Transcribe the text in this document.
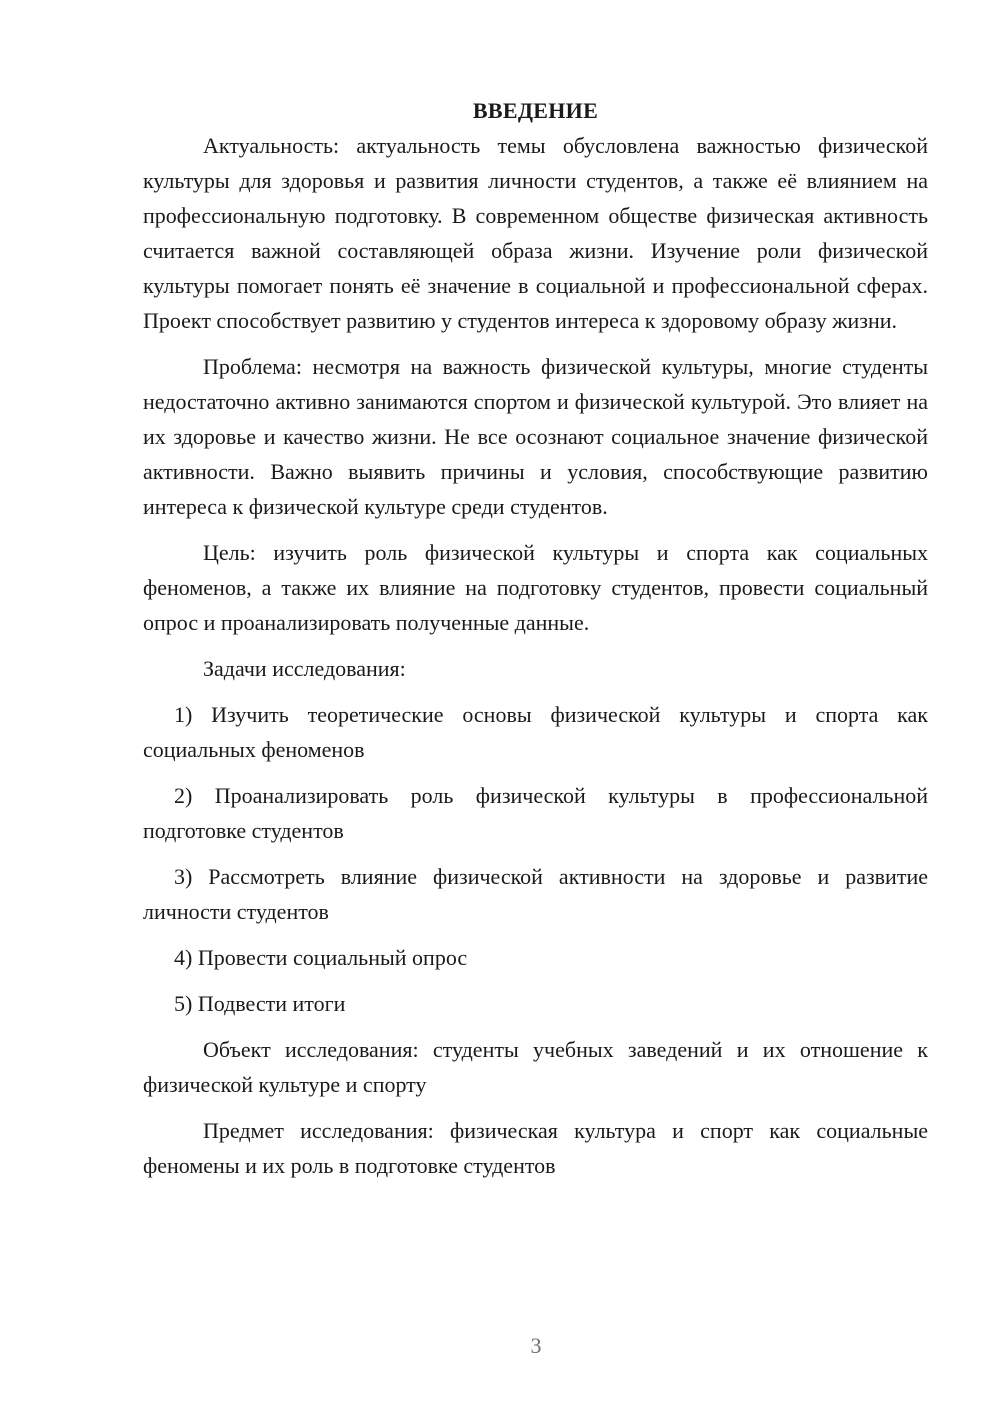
ВВЕДЕНИЕ

Актуальность: актуальность темы обусловлена важностью физической культуры для здоровья и развития личности студентов, а также её влиянием на профессиональную подготовку. В современном обществе физическая активность считается важной составляющей образа жизни. Изучение роли физической культуры помогает понять её значение в социальной и профессиональной сферах. Проект способствует развитию у студентов интереса к здоровому образу жизни.

Проблема: несмотря на важность физической культуры, многие студенты недостаточно активно занимаются спортом и физической культурой. Это влияет на их здоровье и качество жизни. Не все осознают социальное значение физической активности. Важно выявить причины и условия, способствующие развитию интереса к физической культуре среди студентов.

Цель: изучить роль физической культуры и спорта как социальных феноменов, а также их влияние на подготовку студентов, провести социальный опрос и проанализировать полученные данные.

Задачи исследования:

1) Изучить теоретические основы физической культуры и спорта как социальных феноменов

2) Проанализировать роль физической культуры в профессиональной подготовке студентов

3) Рассмотреть влияние физической активности на здоровье и развитие личности студентов

4) Провести социальный опрос

5) Подвести итоги

Объект исследования: студенты учебных заведений и их отношение к физической культуре и спорту

Предмет исследования: физическая культура и спорт как социальные феномены и их роль в подготовке студентов

3
